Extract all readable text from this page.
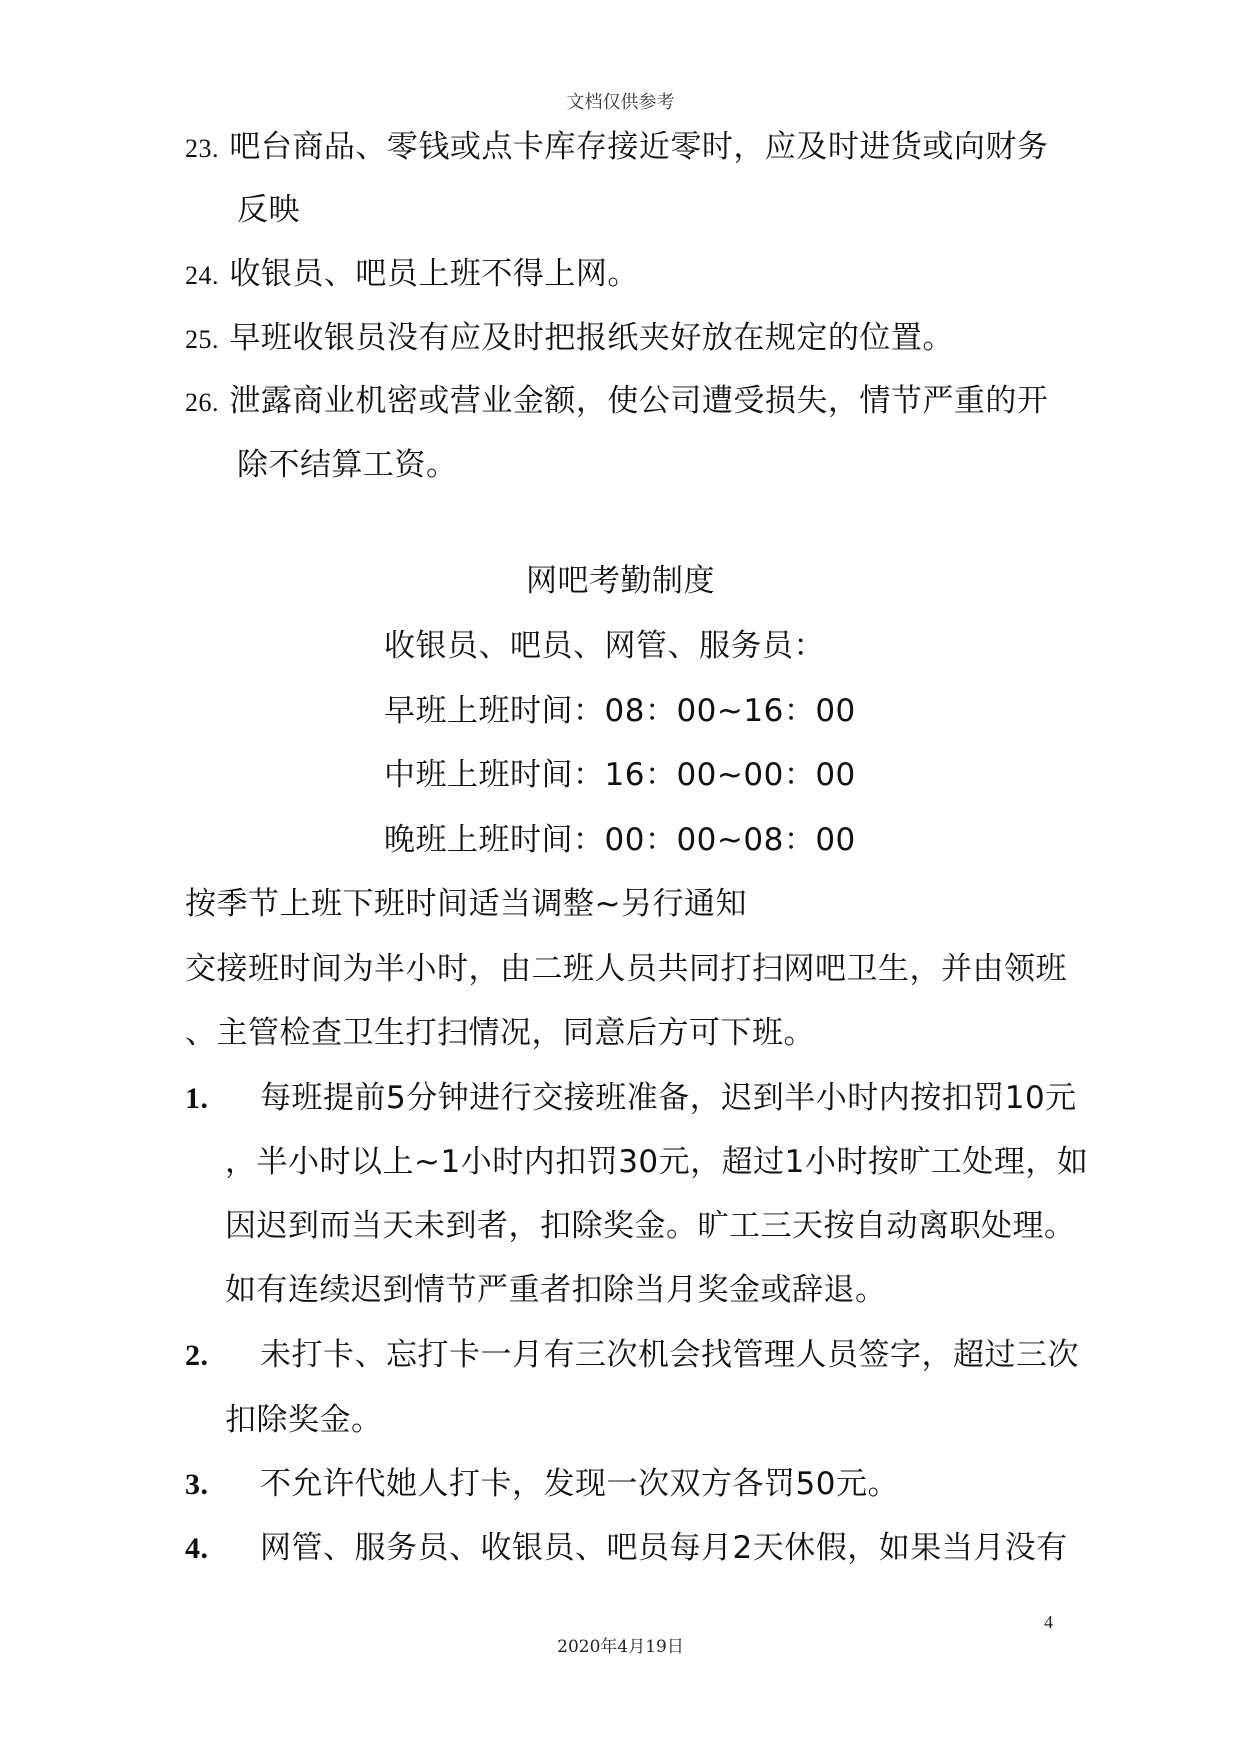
文档仅供参考
23. 吧台商品、零钱或点卡库存接近零时，应及时进货或向财务
反映
24. 收银员、吧员上班不得上网。
25. 早班收银员没有应及时把报纸夹好放在规定的位置。
26. 泄露商业机密或营业金额，使公司遭受损失，情节严重的开
除不结算工资。
网吧考勤制度
收银员、吧员、网管、服务员：
早班上班时间：08：00~16：00
中班上班时间：16：00~00：00
晚班上班时间：00：00~08：00
按季节上班下班时间适当调整~另行通知
交接班时间为半小时，由二班人员共同打扫网吧卫生，并由领班
、主管检查卫生打扫情况，同意后方可下班。
1. 每班提前5分钟进行交接班准备，迟到半小时内按扣罚10元
，半小时以上~1小时内扣罚30元，超过1小时按旷工处理，如
因迟到而当天未到者，扣除奖金。旷工三天按自动离职处理。
如有连续迟到情节严重者扣除当月奖金或辞退。
2. 未打卡、忘打卡一月有三次机会找管理人员签字，超过三次
扣除奖金。
3. 不允许代她人打卡，发现一次双方各罚50元。
4. 网管、服务员、收银员、吧员每月2天休假，如果当月没有
4
2020年4月19日
